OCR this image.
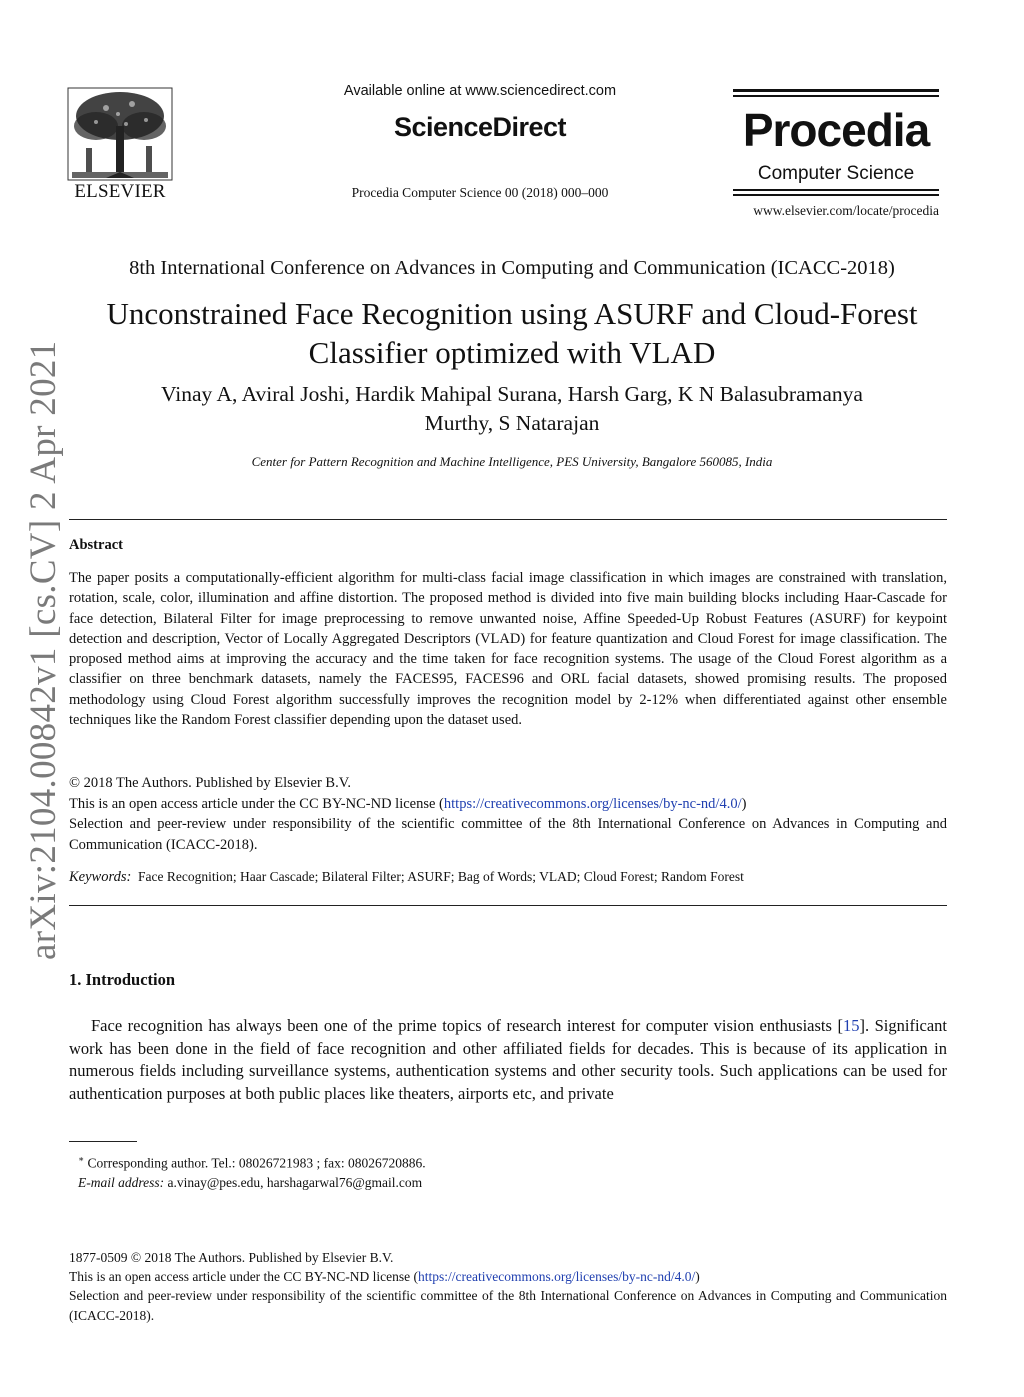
arXiv:2104.00842v1 [cs.CV] 2 Apr 2021
ELSEVIER
Available online at www.sciencedirect.com
ScienceDirect
Procedia Computer Science 00 (2018) 000–000
Procedia
Computer Science
www.elsevier.com/locate/procedia
8th International Conference on Advances in Computing and Communication (ICACC-2018)
Unconstrained Face Recognition using ASURF and Cloud-Forest
Classifier optimized with VLAD
Vinay A, Aviral Joshi, Hardik Mahipal Surana, Harsh Garg, K N Balasubramanya
Murthy, S Natarajan
Center for Pattern Recognition and Machine Intelligence, PES University, Bangalore 560085, India
Abstract
The paper posits a computationally-efficient algorithm for multi-class facial image classification in which images are constrained with translation, rotation, scale, color, illumination and affine distortion. The proposed method is divided into five main building blocks including Haar-Cascade for face detection, Bilateral Filter for image preprocessing to remove unwanted noise, Affine Speeded-Up Robust Features (ASURF) for keypoint detection and description, Vector of Locally Aggregated Descriptors (VLAD) for feature quantization and Cloud Forest for image classification. The proposed method aims at improving the accuracy and the time taken for face recognition systems. The usage of the Cloud Forest algorithm as a classifier on three benchmark datasets, namely the FACES95, FACES96 and ORL facial datasets, showed promising results. The proposed methodology using Cloud Forest algorithm successfully improves the recognition model by 2-12% when differentiated against other ensemble techniques like the Random Forest classifier depending upon the dataset used.
© 2018 The Authors. Published by Elsevier B.V.
This is an open access article under the CC BY-NC-ND license (https://creativecommons.org/licenses/by-nc-nd/4.0/)
Selection and peer-review under responsibility of the scientific committee of the 8th International Conference on Advances in Computing and Communication (ICACC-2018).
Keywords: Face Recognition; Haar Cascade; Bilateral Filter; ASURF; Bag of Words; VLAD; Cloud Forest; Random Forest
1. Introduction
Face recognition has always been one of the prime topics of research interest for computer vision enthusiasts [15]. Significant work has been done in the field of face recognition and other affiliated fields for decades. This is because of its application in numerous fields including surveillance systems, authentication systems and other security tools. Such applications can be used for authentication purposes at both public places like theaters, airports etc, and private
∗ Corresponding author. Tel.: 08026721983 ; fax: 08026720886.
E-mail address: a.vinay@pes.edu, harshagarwal76@gmail.com
1877-0509 © 2018 The Authors. Published by Elsevier B.V.
This is an open access article under the CC BY-NC-ND license (https://creativecommons.org/licenses/by-nc-nd/4.0/)
Selection and peer-review under responsibility of the scientific committee of the 8th International Conference on Advances in Computing and Communication (ICACC-2018).
